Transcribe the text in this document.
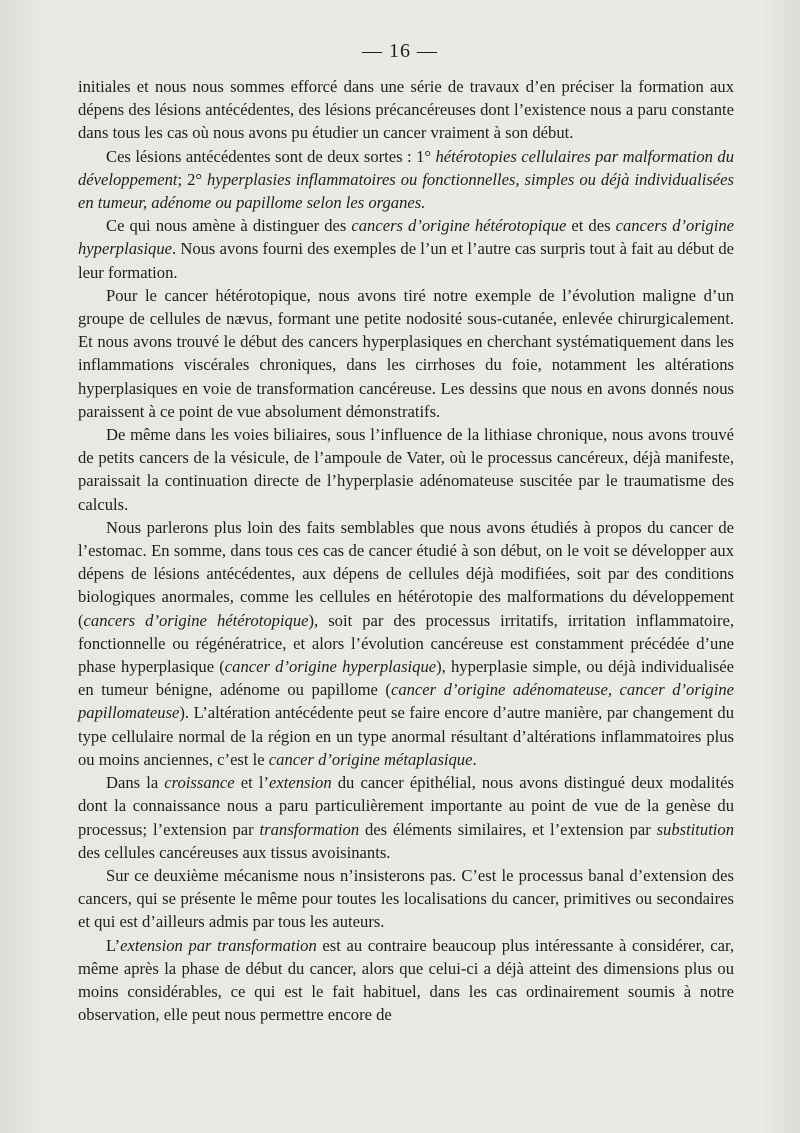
— 16 —

initiales et nous nous sommes efforcé dans une série de travaux d’en préciser la formation aux dépens des lésions antécédentes, des lésions précancéreuses dont l’existence nous a paru constante dans tous les cas où nous avons pu étudier un cancer vraiment à son début.

Ces lésions antécédentes sont de deux sortes : 1° hétérotopies cellulaires par malformation du développement; 2° hyperplasies inflammatoires ou fonctionnelles, simples ou déjà individualisées en tumeur, adénome ou papillome selon les organes.

Ce qui nous amène à distinguer des cancers d’origine hétérotopique et des cancers d’origine hyperplasique. Nous avons fourni des exemples de l’un et l’autre cas surpris tout à fait au début de leur formation.

Pour le cancer hétérotopique, nous avons tiré notre exemple de l’évolution maligne d’un groupe de cellules de nævus, formant une petite nodosité sous-cutanée, enlevée chirurgicalement. Et nous avons trouvé le début des cancers hyperplasiques en cherchant systématiquement dans les inflammations viscérales chroniques, dans les cirrhoses du foie, notamment les altérations hyperplasiques en voie de transformation cancéreuse. Les dessins que nous en avons donnés nous paraissent à ce point de vue absolument démonstratifs.

De même dans les voies biliaires, sous l’influence de la lithiase chronique, nous avons trouvé de petits cancers de la vésicule, de l’ampoule de Vater, où le processus cancéreux, déjà manifeste, paraissait la continuation directe de l’hyperplasie adénomateuse suscitée par le traumatisme des calculs.

Nous parlerons plus loin des faits semblables que nous avons étudiés à propos du cancer de l’estomac. En somme, dans tous ces cas de cancer étudié à son début, on le voit se développer aux dépens de lésions antécédentes, aux dépens de cellules déjà modifiées, soit par des conditions biologiques anormales, comme les cellules en hétérotopie des malformations du développement (cancers d’origine hétérotopique), soit par des processus irritatifs, irritation inflammatoire, fonctionnelle ou régénératrice, et alors l’évolution cancéreuse est constamment précédée d’une phase hyperplasique (cancer d’origine hyperplasique), hyperplasie simple, ou déjà individualisée en tumeur bénigne, adénome ou papillome (cancer d’origine adénomateuse, cancer d’origine papillomateuse). L’altération antécédente peut se faire encore d’autre manière, par changement du type cellulaire normal de la région en un type anormal résultant d’altérations inflammatoires plus ou moins anciennes, c’est le cancer d’origine métaplasique.

Dans la croissance et l’extension du cancer épithélial, nous avons distingué deux modalités dont la connaissance nous a paru particulièrement importante au point de vue de la genèse du processus; l’extension par transformation des éléments similaires, et l’extension par substitution des cellules cancéreuses aux tissus avoisinants.

Sur ce deuxième mécanisme nous n’insisterons pas. C’est le processus banal d’extension des cancers, qui se présente le même pour toutes les localisations du cancer, primitives ou secondaires et qui est d’ailleurs admis par tous les auteurs.

L’extension par transformation est au contraire beaucoup plus intéressante à considérer, car, même après la phase de début du cancer, alors que celui-ci a déjà atteint des dimensions plus ou moins considérables, ce qui est le fait habituel, dans les cas ordinairement soumis à notre observation, elle peut nous permettre encore de
